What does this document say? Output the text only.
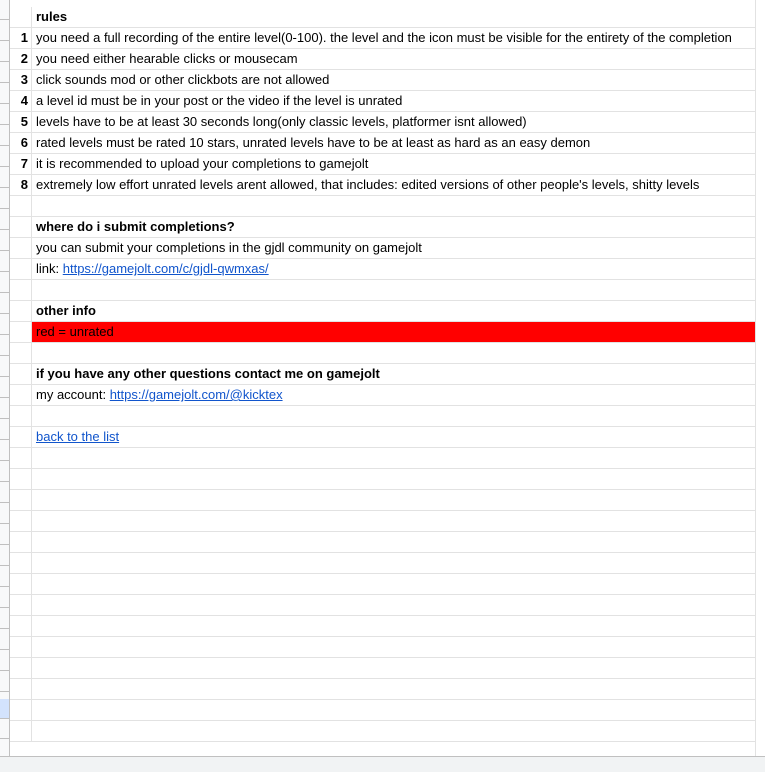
rules
1 you need a full recording of the entire level(0-100). the level and the icon must be visible for the entirety of the completion
2 you need either hearable clicks or mousecam
3 click sounds mod or other clickbots are not allowed
4 a level id must be in your post or the video if the level is unrated
5 levels have to be at least 30 seconds long(only classic levels, platformer isnt allowed)
6 rated levels must be rated 10 stars, unrated levels have to be at least as hard as an easy demon
7 it is recommended to upload your completions to gamejolt
8 extremely low effort unrated levels arent allowed, that includes: edited versions of other people's levels, shitty levels
where do i submit completions?
you can submit your completions in the gjdl community on gamejolt
link: https://gamejolt.com/c/gjdl-qwmxas/
other info
red = unrated
if you have any other questions contact me on gamejolt
my account: https://gamejolt.com/@kicktex
back to the list
